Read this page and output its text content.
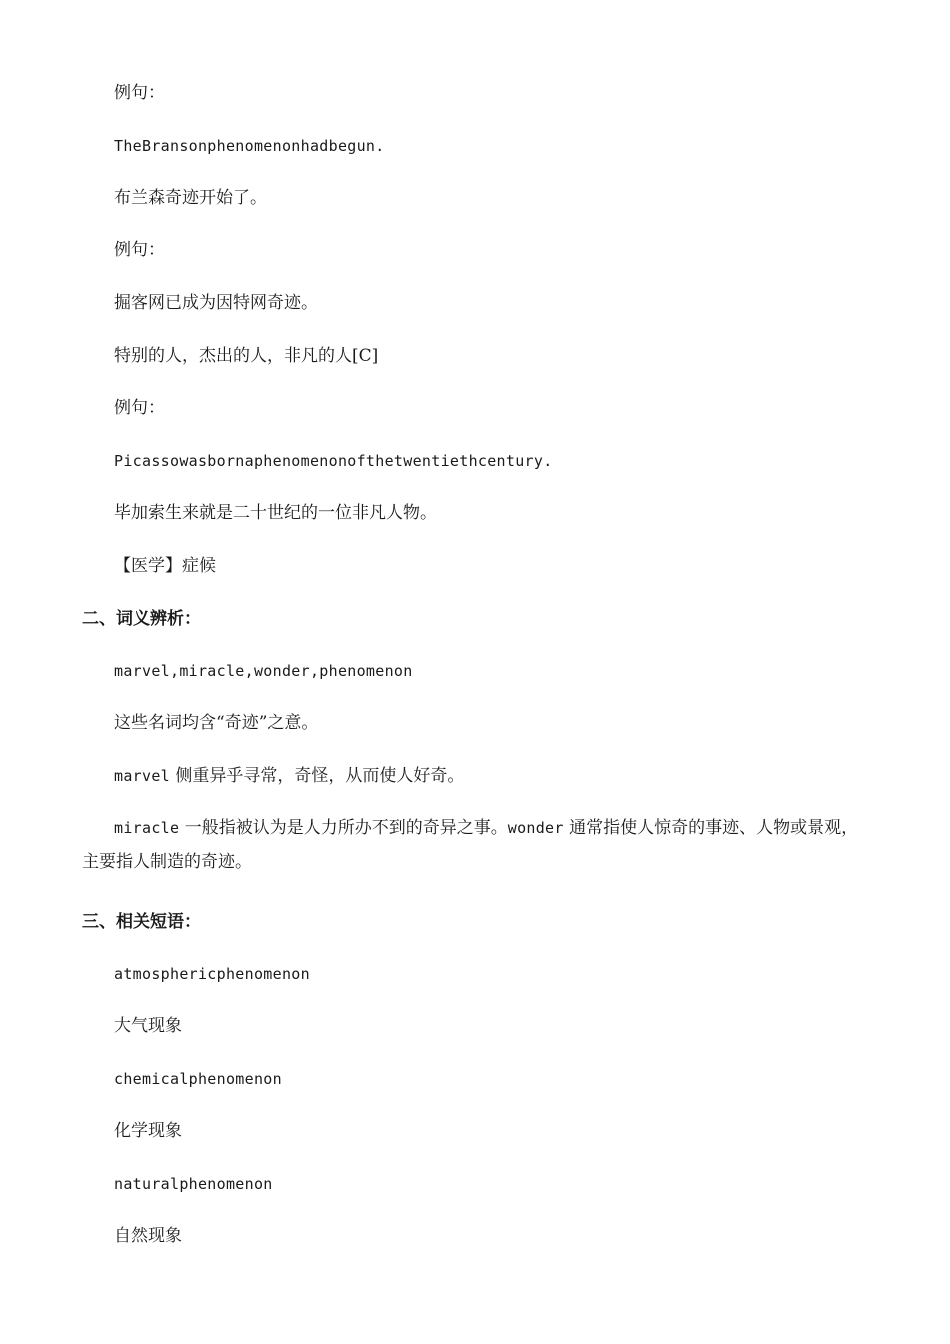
例句：
TheBransonphenomenonhadbegun.
布兰森奇迹开始了。
例句：
掘客网已成为因特网奇迹。
特别的人，杰出的人，非凡的人[C]
例句：
Picassowasbornaphenomenonofthetwentiethcentury.
毕加索生来就是二十世纪的一位非凡人物。
【医学】症候
二、词义辨析：
marvel,miracle,wonder,phenomenon
这些名词均含“奇迹”之意。
marvel 侧重异乎寻常，奇怪，从而使人好奇。
miracle 一般指被认为是人力所办不到的奇异之事。wonder 通常指使人惊奇的事迹、人物或景观，主要指人制造的奇迹。
三、相关短语：
atmosphericphenomenon
大气现象
chemicalphenomenon
化学现象
naturalphenomenon
自然现象
